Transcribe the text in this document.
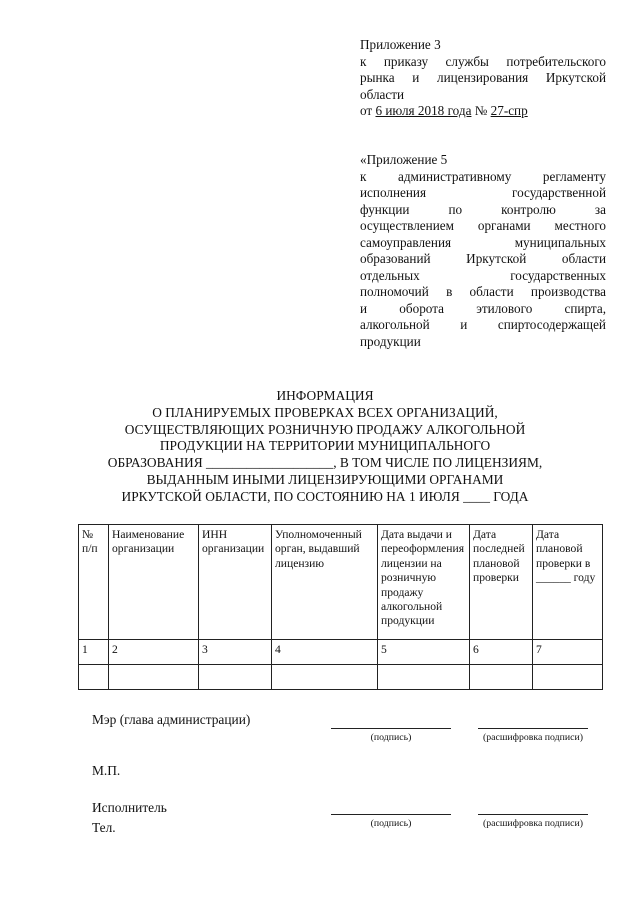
Приложение 3
к приказу службы потребительского
рынка и лицензирования Иркутской
области
от 6 июля 2018 года № 27-спр
«Приложение 5
к административному регламенту
исполнения государственной
функции по контролю за
осуществлением органами местного
самоуправления муниципальных
образований Иркутской области
отдельных государственных
полномочий в области производства
и оборота этилового спирта,
алкогольной и спиртосодержащей
продукции
ИНФОРМАЦИЯ
О ПЛАНИРУЕМЫХ ПРОВЕРКАХ ВСЕХ ОРГАНИЗАЦИЙ,
ОСУЩЕСТВЛЯЮЩИХ РОЗНИЧНУЮ ПРОДАЖУ АЛКОГОЛЬНОЙ
ПРОДУКЦИИ НА ТЕРРИТОРИИ МУНИЦИПАЛЬНОГО
ОБРАЗОВАНИЯ ___________________, В ТОМ ЧИСЛЕ ПО ЛИЦЕНЗИЯМ,
ВЫДАННЫМ ИНЫМИ ЛИЦЕНЗИРУЮЩИМИ ОРГАНАМИ
ИРКУТСКОЙ ОБЛАСТИ, ПО СОСТОЯНИЮ НА 1 ИЮЛЯ ____ ГОДА
№ п/п	Наименование организации	ИНН организации	Уполномоченный орган, выдавший лицензию	Дата выдачи и переоформления лицензии на розничную продажу алкогольной продукции	Дата последней плановой проверки	Дата плановой проверки в ______ году
1	2	3	4	5	6	7

Мэр (глава администрации)
(подпись)	(расшифровка подписи)
М.П.
Исполнитель
(подпись)	(расшифровка подписи)
Тел.
